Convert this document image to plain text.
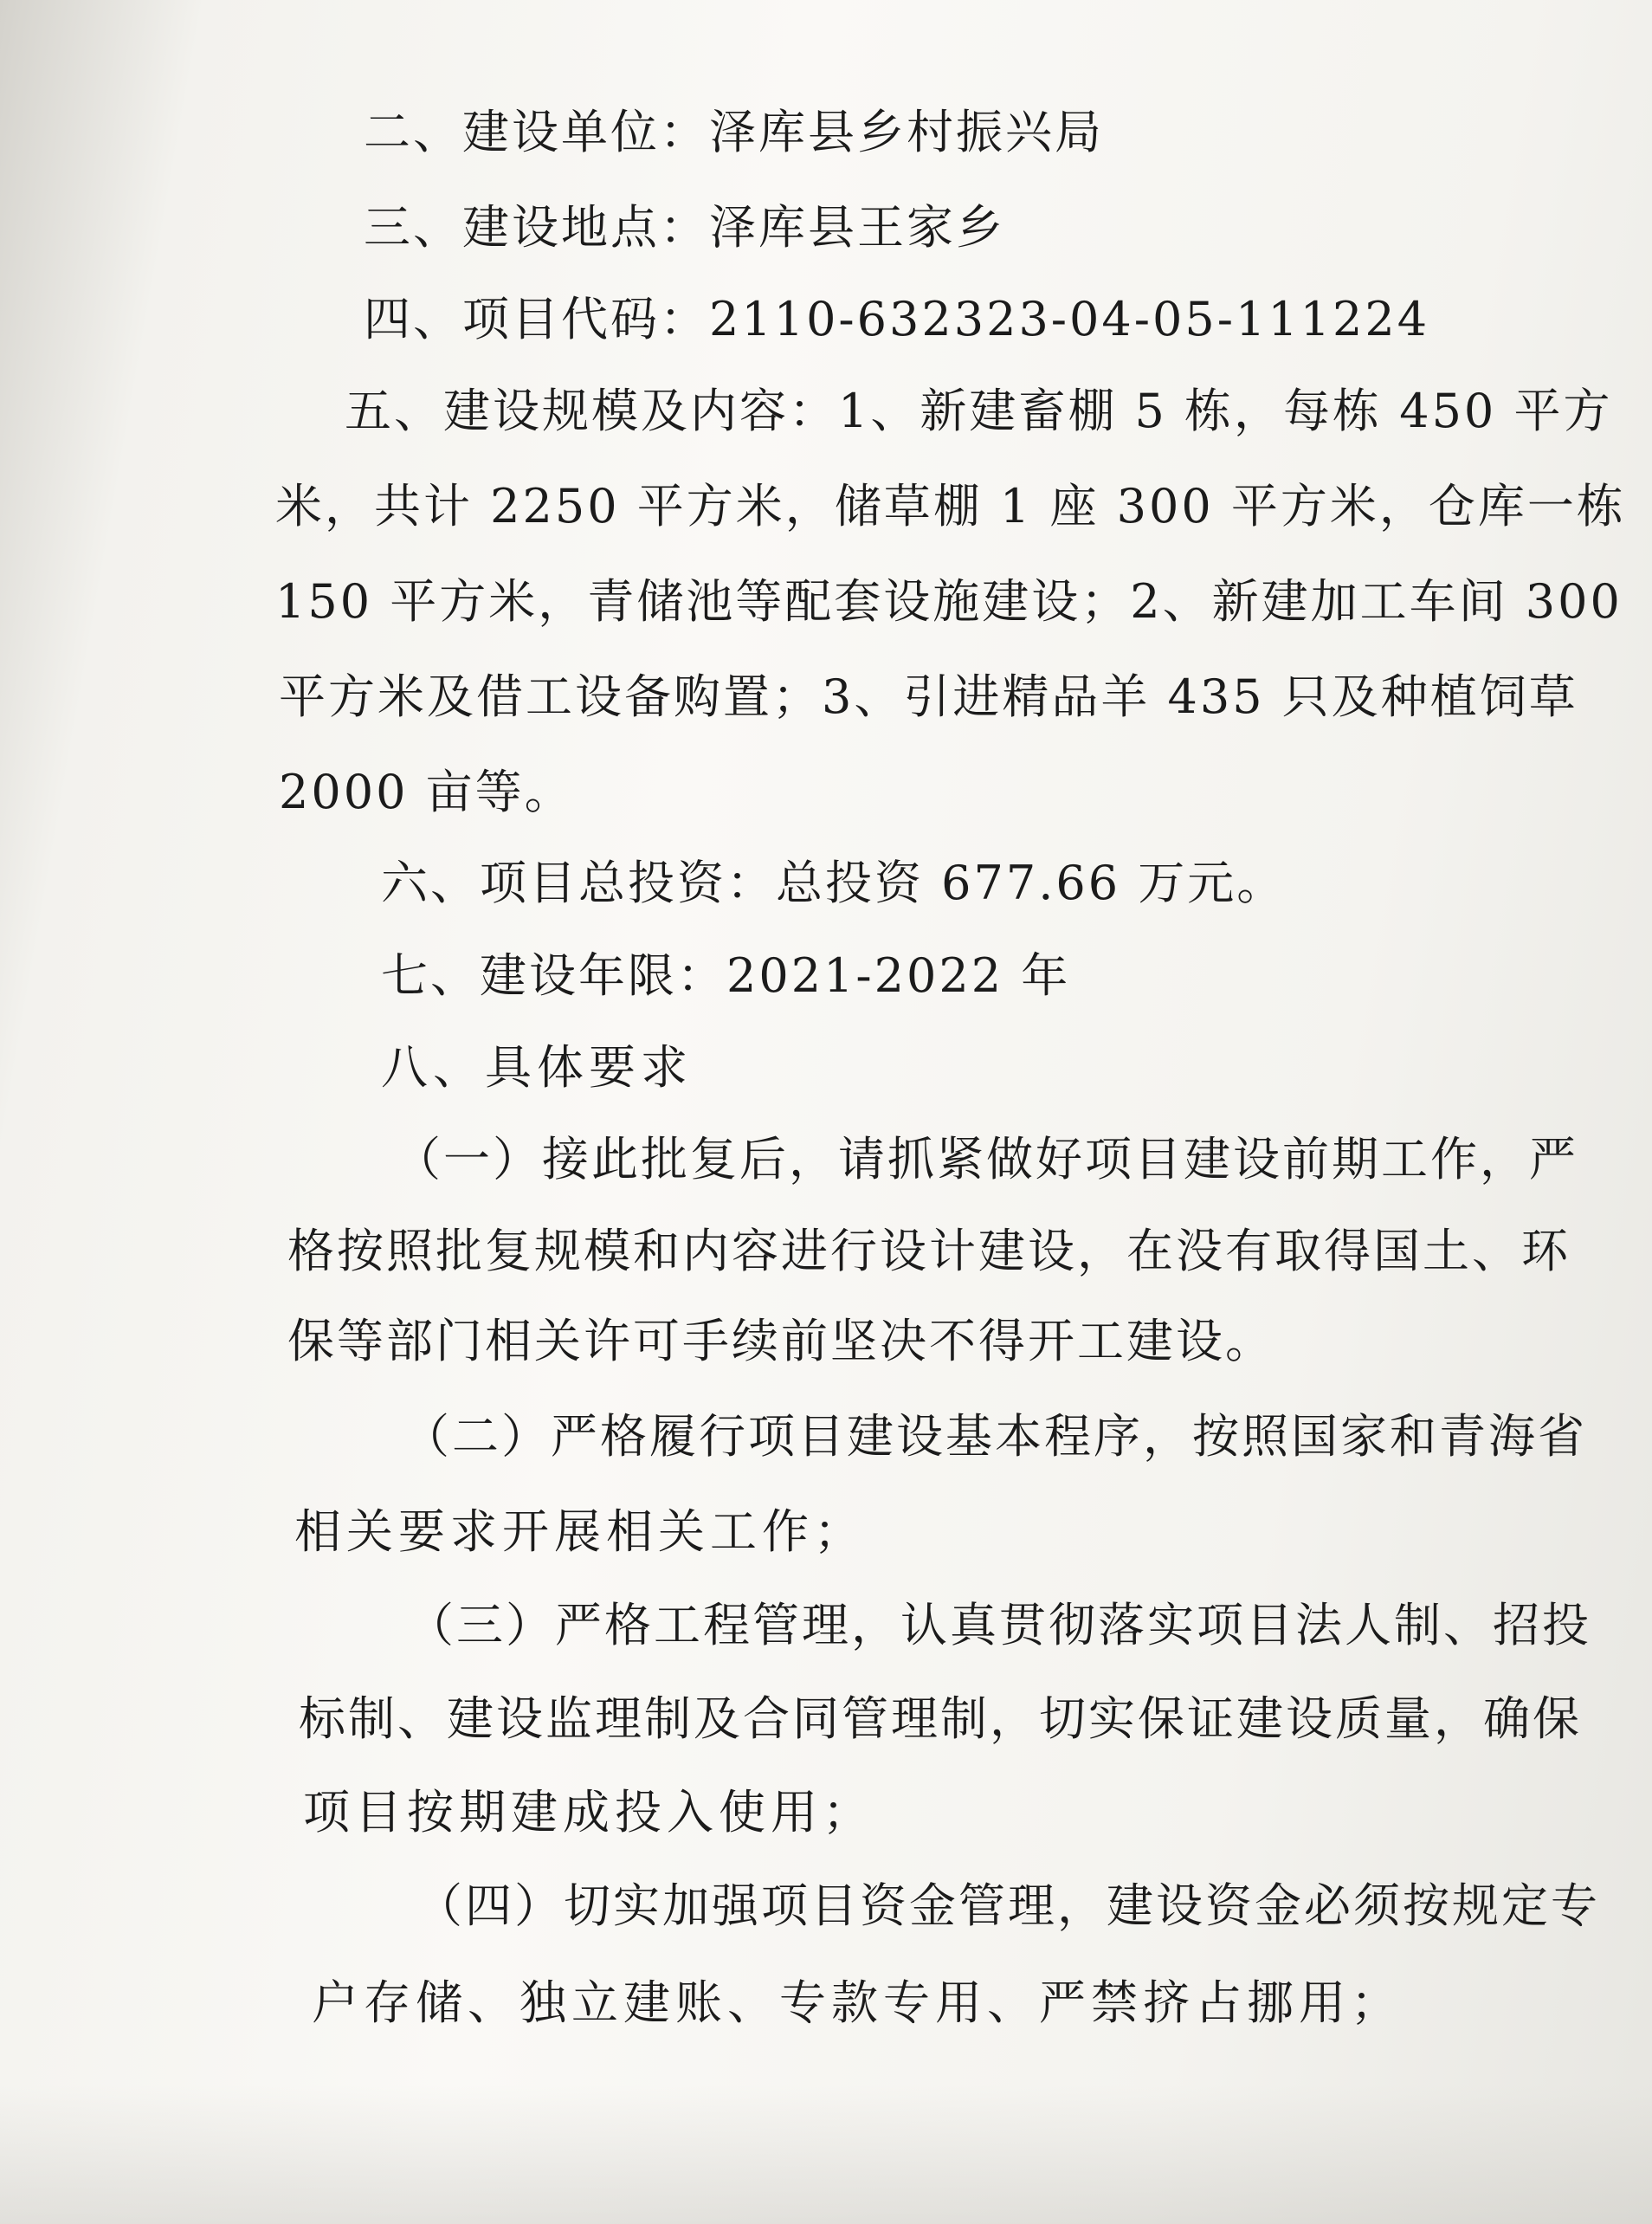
二、建设单位：泽库县乡村振兴局

三、建设地点：泽库县王家乡

四、项目代码：2110-632323-04-05-111224

五、建设规模及内容：1、新建畜棚 5 栋，每栋 450 平方

米，共计 2250 平方米，储草棚 1 座 300 平方米，仓库一栋

150 平方米，青储池等配套设施建设；2、新建加工车间 300

平方米及借工设备购置；3、引进精品羊 435 只及种植饲草

2000 亩等。

六、项目总投资：总投资 677.66 万元。

七、建设年限：2021-2022 年

八、具体要求

（一）接此批复后，请抓紧做好项目建设前期工作，严

格按照批复规模和内容进行设计建设，在没有取得国土、环

保等部门相关许可手续前坚决不得开工建设。

（二）严格履行项目建设基本程序，按照国家和青海省

相关要求开展相关工作；

（三）严格工程管理，认真贯彻落实项目法人制、招投

标制、建设监理制及合同管理制，切实保证建设质量，确保

项目按期建成投入使用；

（四）切实加强项目资金管理，建设资金必须按规定专

户存储、独立建账、专款专用、严禁挤占挪用；
